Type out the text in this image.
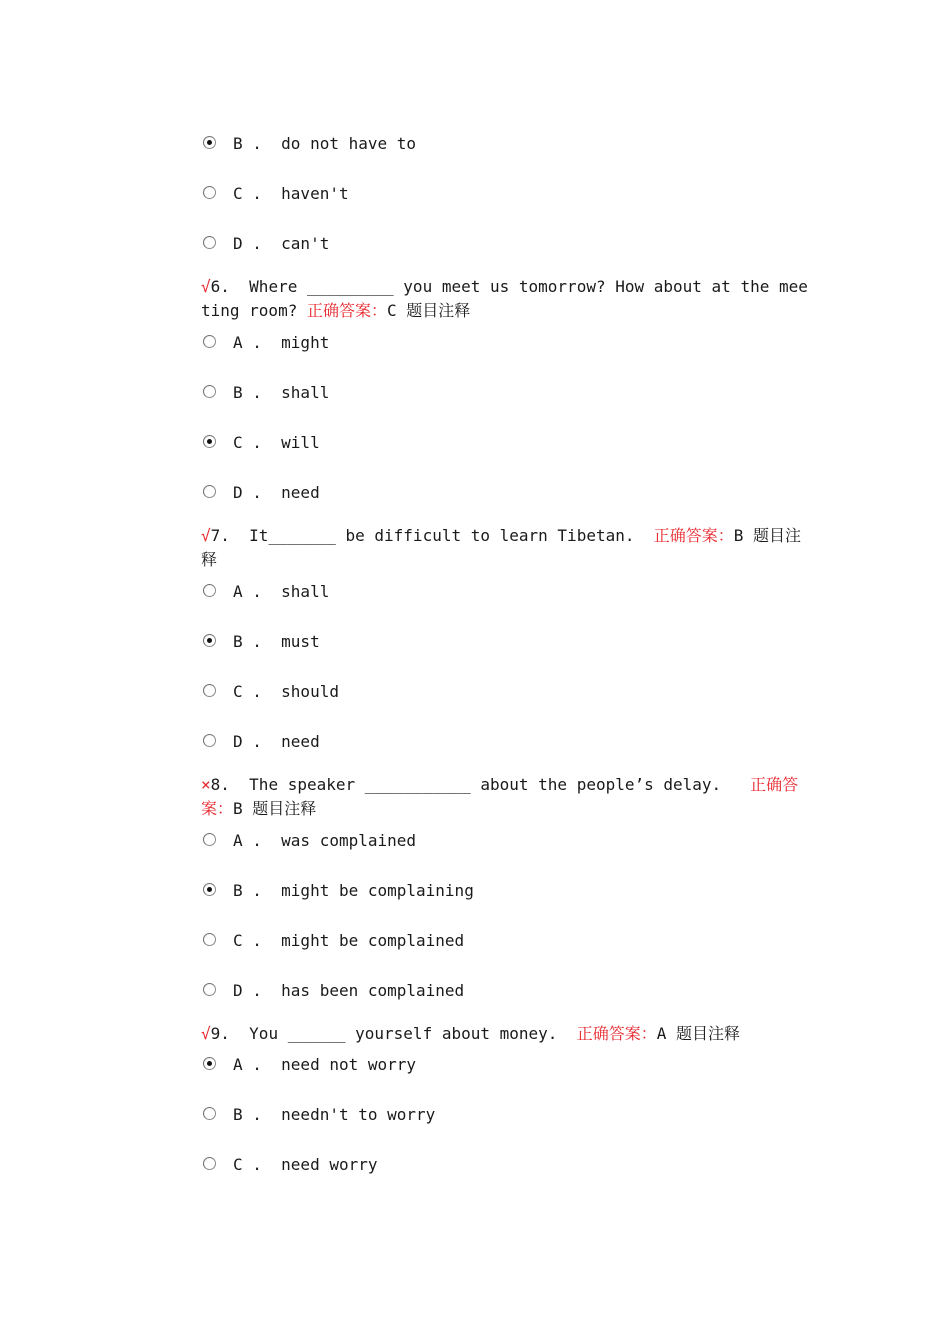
B .  do not have to
C .  haven't
D .  can't
√6.  Where _________ you meet us tomorrow? How about at the meeting room? 正确答案：C 题目注释
A .  might
B .  shall
C .  will
D .  need
√7.  It_______ be difficult to learn Tibetan.  正确答案：B 题目注释
A .  shall
B .  must
C .  should
D .  need
×8.  The speaker ___________ about the people’s delay.   正确答案：B 题目注释
A .  was complained
B .  might be complaining
C .  might be complained
D .  has been complained
√9.  You ______ yourself about money.  正确答案：A 题目注释
A .  need not worry
B .  needn't to worry
C .  need worry
